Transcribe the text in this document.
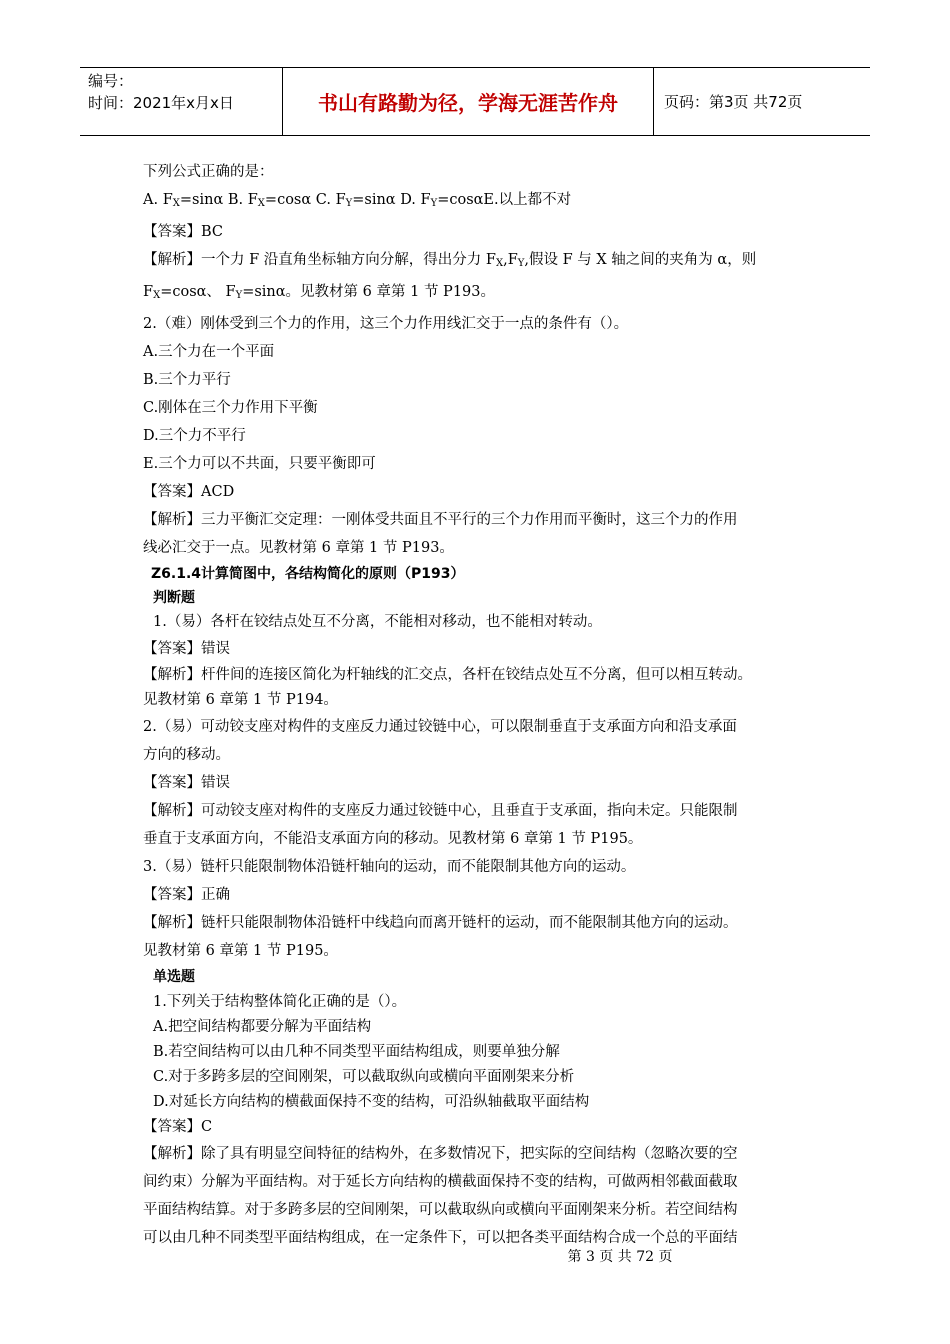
编号：
时间：2021年x月x日	书山有路勤为径，学海无涯苦作舟	页码：第3页 共72页
下列公式正确的是：
A. $F_X=\sin\alpha$ B. $F_X=\cos\alpha$ C. $F_Y=\sin\alpha$ D. $F_Y=\cos\alpha E$.以上都不对
【答案】BC
【解析】一个力 F 沿直角坐标轴方向分解，得出分力 $F_X,F_Y$,假设 F 与 X 轴之间的夹角为 α，则
$F_X=\cos\alpha$、 $F_Y=\sin\alpha$。见教材第 6 章第 1 节 P193。
2.（难）刚体受到三个力的作用，这三个力作用线汇交于一点的条件有（）。
A.三个力在一个平面
B.三个力平行
C.刚体在三个力作用下平衡
D.三个力不平行
E.三个力可以不共面，只要平衡即可
【答案】ACD
【解析】三力平衡汇交定理：一刚体受共面且不平行的三个力作用而平衡时，这三个力的作用
线必汇交于一点。见教材第 6 章第 1 节 P193。
Z6.1.4计算简图中，各结构简化的原则（P193）
判断题
1.（易）各杆在铰结点处互不分离，不能相对移动，也不能相对转动。
【答案】错误
【解析】杆件间的连接区简化为杆轴线的汇交点，各杆在铰结点处互不分离，但可以相互转动。
见教材第 6 章第 1 节 P194。
2.（易）可动铰支座对构件的支座反力通过铰链中心，可以限制垂直于支承面方向和沿支承面
方向的移动。
【答案】错误
【解析】可动铰支座对构件的支座反力通过铰链中心，且垂直于支承面，指向未定。只能限制
垂直于支承面方向，不能沿支承面方向的移动。见教材第 6 章第 1 节 P195。
3.（易）链杆只能限制物体沿链杆轴向的运动，而不能限制其他方向的运动。
【答案】正确
【解析】链杆只能限制物体沿链杆中线趋向而离开链杆的运动，而不能限制其他方向的运动。
见教材第 6 章第 1 节 P195。
单选题
1.下列关于结构整体简化正确的是（）。
A.把空间结构都要分解为平面结构
B.若空间结构可以由几种不同类型平面结构组成，则要单独分解
C.对于多跨多层的空间刚架，可以截取纵向或横向平面刚架来分析
D.对延长方向结构的横截面保持不变的结构，可沿纵轴截取平面结构
【答案】C
【解析】除了具有明显空间特征的结构外，在多数情况下，把实际的空间结构（忽略次要的空
间约束）分解为平面结构。对于延长方向结构的横截面保持不变的结构，可做两相邻截面截取
平面结构结算。对于多跨多层的空间刚架，可以截取纵向或横向平面刚架来分析。若空间结构
可以由几种不同类型平面结构组成，在一定条件下，可以把各类平面结构合成一个总的平面结
第 3 页 共 72 页
